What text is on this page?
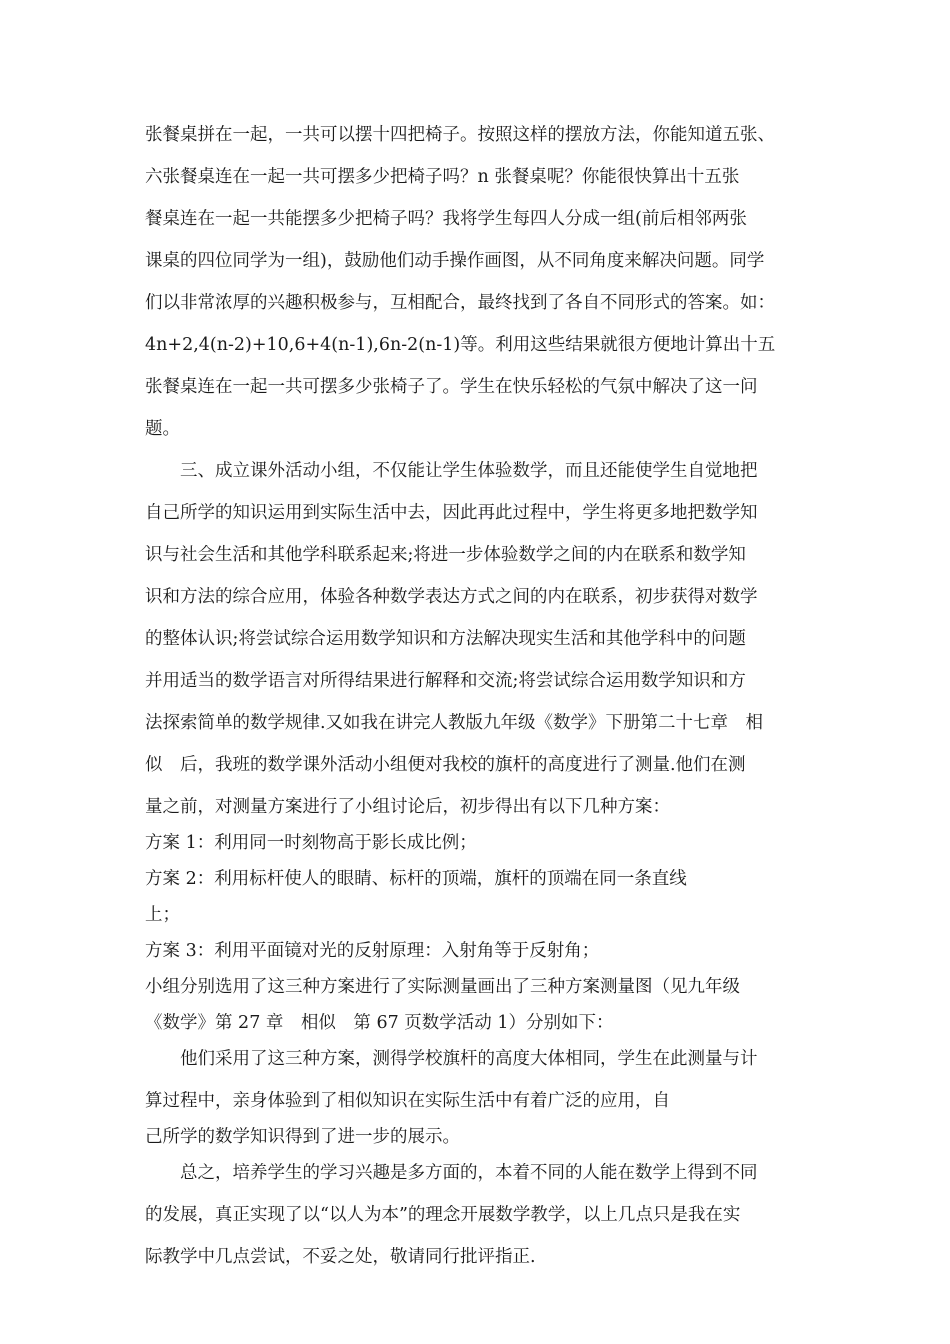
张餐桌拼在一起，一共可以摆十四把椅子。按照这样的摆放方法，你能知道五张、
六张餐桌连在一起一共可摆多少把椅子吗？n 张餐桌呢？你能很快算出十五张
餐桌连在一起一共能摆多少把椅子吗？我将学生每四人分成一组(前后相邻两张
课桌的四位同学为一组)，鼓励他们动手操作画图，从不同角度来解决问题。同学
们以非常浓厚的兴趣积极参与，互相配合，最终找到了各自不同形式的答案。如：
4n+2,4(n-2)+10,6+4(n-1),6n-2(n-1)等。利用这些结果就很方便地计算出十五
张餐桌连在一起一共可摆多少张椅子了。学生在快乐轻松的气氛中解决了这一问
题。
三、成立课外活动小组，不仅能让学生体验数学，而且还能使学生自觉地把
自己所学的知识运用到实际生活中去，因此再此过程中，学生将更多地把数学知
识与社会生活和其他学科联系起来;将进一步体验数学之间的内在联系和数学知
识和方法的综合应用，体验各种数学表达方式之间的内在联系，初步获得对数学
的整体认识;将尝试综合运用数学知识和方法解决现实生活和其他学科中的问题
并用适当的数学语言对所得结果进行解释和交流;将尝试综合运用数学知识和方
法探索简单的数学规律.又如我在讲完人教版九年级《数学》下册第二十七章　相
似　后，我班的数学课外活动小组便对我校的旗杆的高度进行了测量.他们在测
量之前，对测量方案进行了小组讨论后，初步得出有以下几种方案：
方案 1：利用同一时刻物高于影长成比例；
方案 2：利用标杆使人的眼睛、标杆的顶端，旗杆的顶端在同一条直线
上；
方案 3：利用平面镜对光的反射原理：入射角等于反射角；
小组分别选用了这三种方案进行了实际测量画出了三种方案测量图（见九年级
《数学》第 27 章　相似　第 67 页数学活动 1）分别如下：
他们采用了这三种方案，测得学校旗杆的高度大体相同，学生在此测量与计
算过程中，亲身体验到了相似知识在实际生活中有着广泛的应用，自
己所学的数学知识得到了进一步的展示。
总之，培养学生的学习兴趣是多方面的，本着不同的人能在数学上得到不同
的发展，真正实现了以“以人为本”的理念开展数学教学，以上几点只是我在实
际教学中几点尝试，不妥之处，敬请同行批评指正.
